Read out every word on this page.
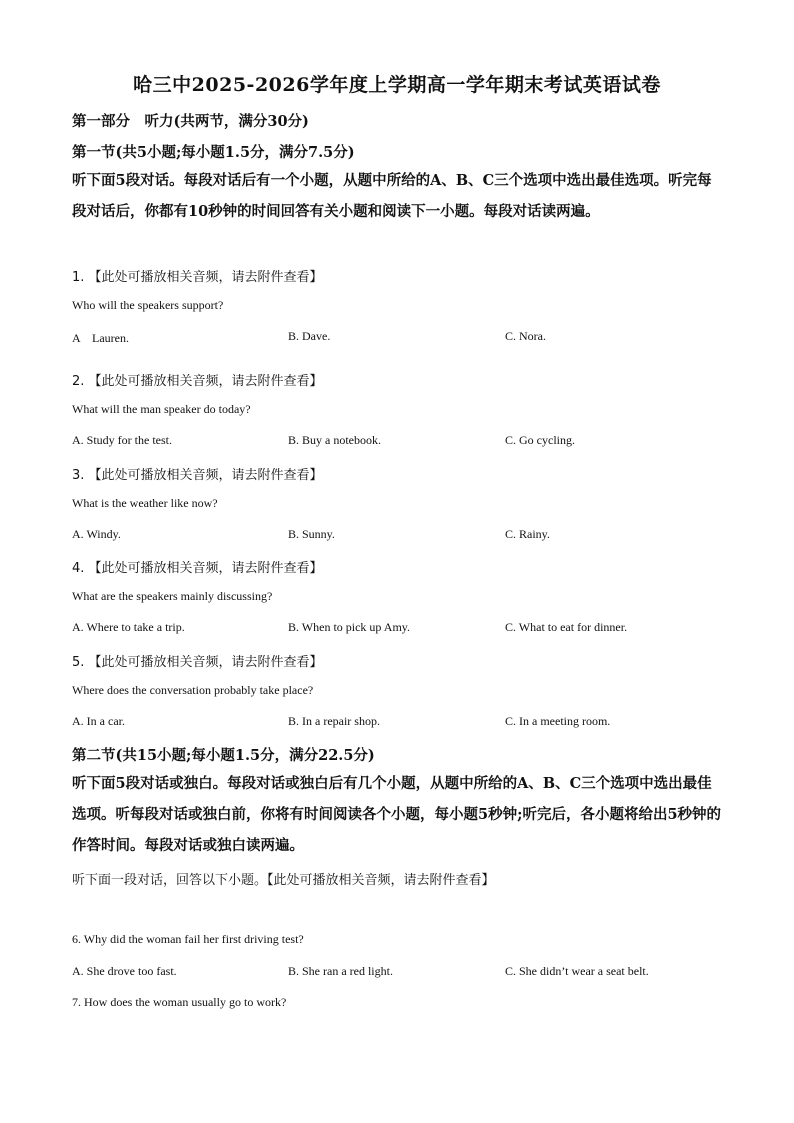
哈三中2025-2026学年度上学期高一学年期末考试英语试卷
第一部分　听力(共两节，满分30分)
第一节(共5小题;每小题1.5分，满分7.5分)
听下面5段对话。每段对话后有一个小题，从题中所给的A、B、C三个选项中选出最佳选项。听完每段对话后，你都有10秒钟的时间回答有关小题和阅读下一小题。每段对话读两遍。
1. 【此处可播放相关音频，请去附件查看】
Who will the speakers support?
A　Lauren.	B. Dave.	C. Nora.
2. 【此处可播放相关音频，请去附件查看】
What will the man speaker do today?
A. Study for the test.	B. Buy a notebook.	C. Go cycling.
3. 【此处可播放相关音频，请去附件查看】
What is the weather like now?
A. Windy.	B. Sunny.	C. Rainy.
4. 【此处可播放相关音频，请去附件查看】
What are the speakers mainly discussing?
A. Where to take a trip.	B. When to pick up Amy.	C. What to eat for dinner.
5. 【此处可播放相关音频，请去附件查看】
Where does the conversation probably take place?
A. In a car.	B. In a repair shop.	C. In a meeting room.
第二节(共15小题;每小题1.5分，满分22.5分)
听下面5段对话或独白。每段对话或独白后有几个小题，从题中所给的A、B、C三个选项中选出最佳选项。听每段对话或独白前，你将有时间阅读各个小题，每小题5秒钟;听完后，各小题将给出5秒钟的作答时间。每段对话或独白读两遍。
听下面一段对话，回答以下小题。【此处可播放相关音频，请去附件查看】
6. Why did the woman fail her first driving test?
A. She drove too fast.	B. She ran a red light.	C. She didn’t wear a seat belt.
7. How does the woman usually go to work?
